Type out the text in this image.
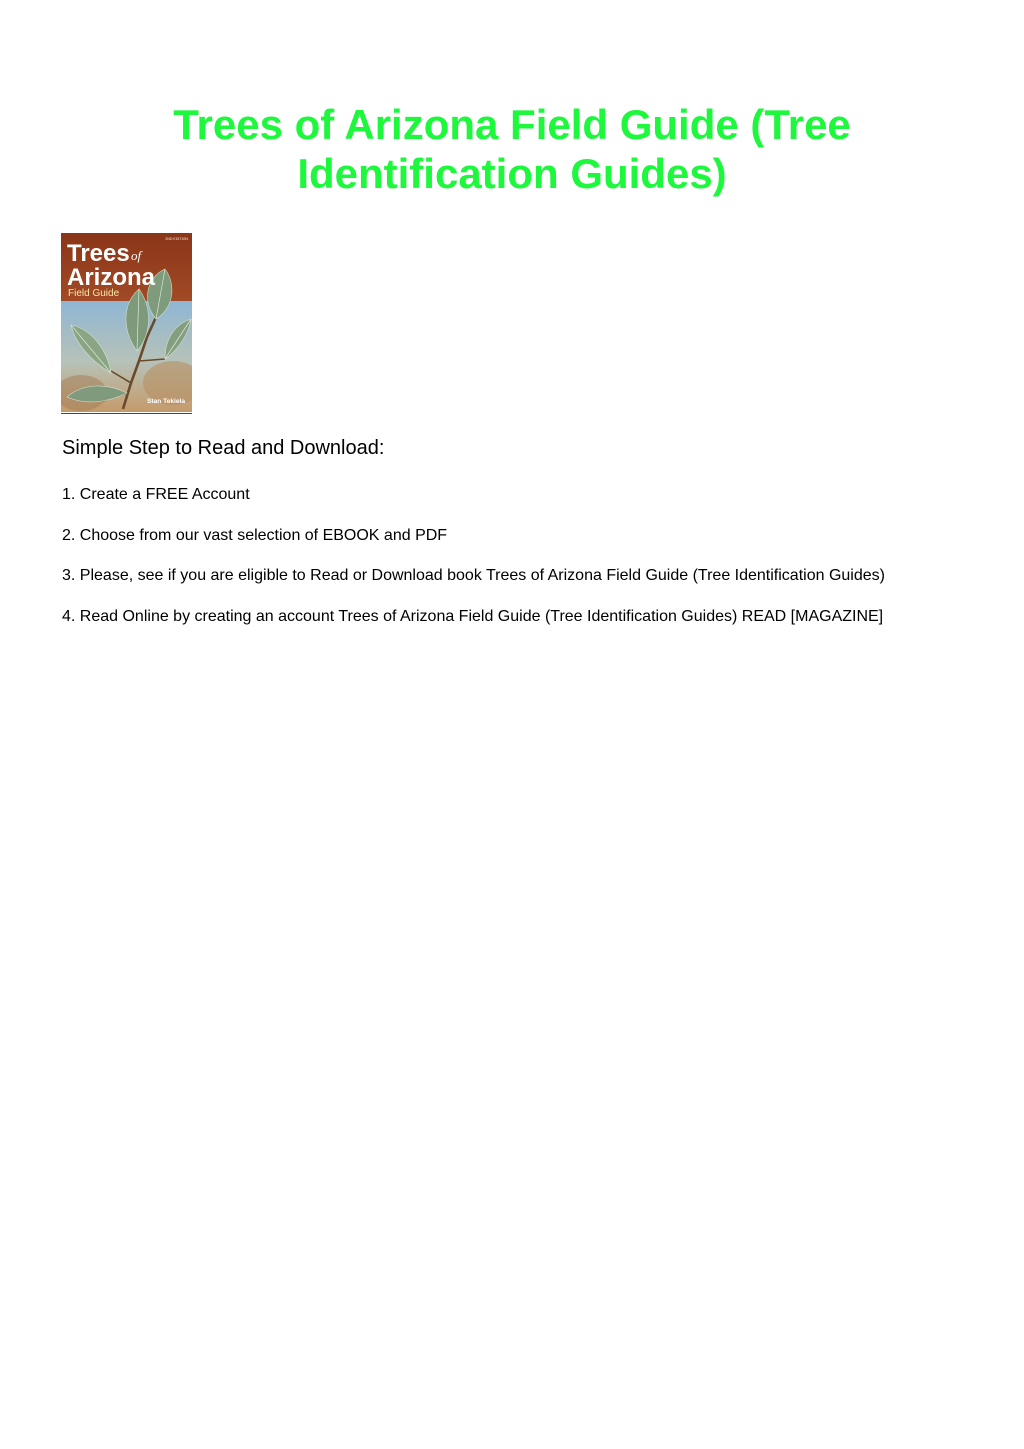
Trees of Arizona Field Guide (Tree Identification Guides)
2ND EDITION
Trees of
Arizona
Field Guide
Stan Tekiela
Simple Step to Read and Download:
1. Create a FREE Account
2. Choose from our vast selection of EBOOK and PDF
3. Please, see if you are eligible to Read or Download book Trees of Arizona Field Guide (Tree Identification Guides)
4. Read Online by creating an account Trees of Arizona Field Guide (Tree Identification Guides) READ [MAGAZINE]
